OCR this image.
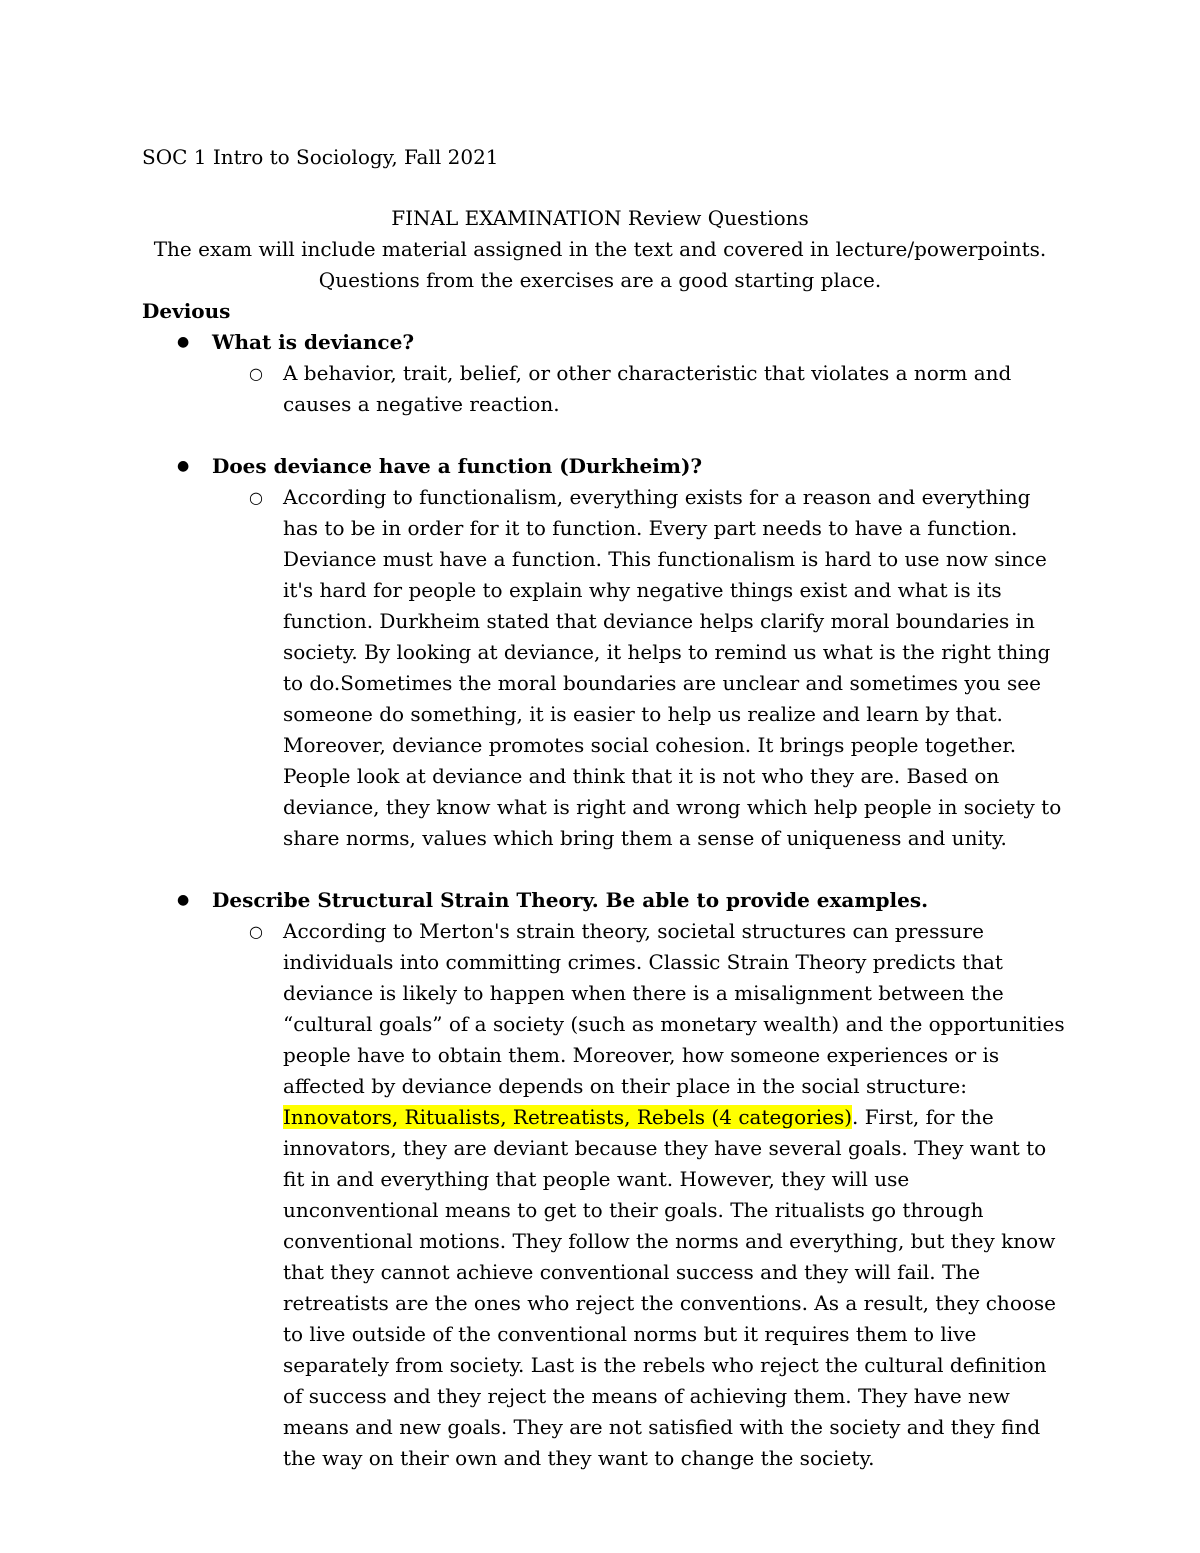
SOC 1 Intro to Sociology, Fall 2021
FINAL EXAMINATION Review Questions
The exam will include material assigned in the text and covered in lecture/powerpoints.
Questions from the exercises are a good starting place.
Devious
● What is deviance?
○ A behavior, trait, belief, or other characteristic that violates a norm and causes a negative reaction.
● Does deviance have a function (Durkheim)?
○ According to functionalism, everything exists for a reason and everything has to be in order for it to function. Every part needs to have a function. Deviance must have a function. This functionalism is hard to use now since it's hard for people to explain why negative things exist and what is its function. Durkheim stated that deviance helps clarify moral boundaries in society. By looking at deviance, it helps to remind us what is the right thing to do.Sometimes the moral boundaries are unclear and sometimes you see someone do something, it is easier to help us realize and learn by that. Moreover, deviance promotes social cohesion. It brings people together. People look at deviance and think that it is not who they are. Based on deviance, they know what is right and wrong which help people in society to share norms, values which bring them a sense of uniqueness and unity.
● Describe Structural Strain Theory. Be able to provide examples.
○ According to Merton's strain theory, societal structures can pressure individuals into committing crimes. Classic Strain Theory predicts that deviance is likely to happen when there is a misalignment between the “cultural goals” of a society (such as monetary wealth) and the opportunities people have to obtain them. Moreover, how someone experiences or is affected by deviance depends on their place in the social structure: Innovators, Ritualists, Retreatists, Rebels (4 categories). First, for the innovators, they are deviant because they have several goals. They want to fit in and everything that people want. However, they will use unconventional means to get to their goals. The ritualists go through conventional motions. They follow the norms and everything, but they know that they cannot achieve conventional success and they will fail. The retreatists are the ones who reject the conventions. As a result, they choose to live outside of the conventional norms but it requires them to live separately from society. Last is the rebels who reject the cultural definition of success and they reject the means of achieving them. They have new means and new goals. They are not satisfied with the society and they find the way on their own and they want to change the society.
